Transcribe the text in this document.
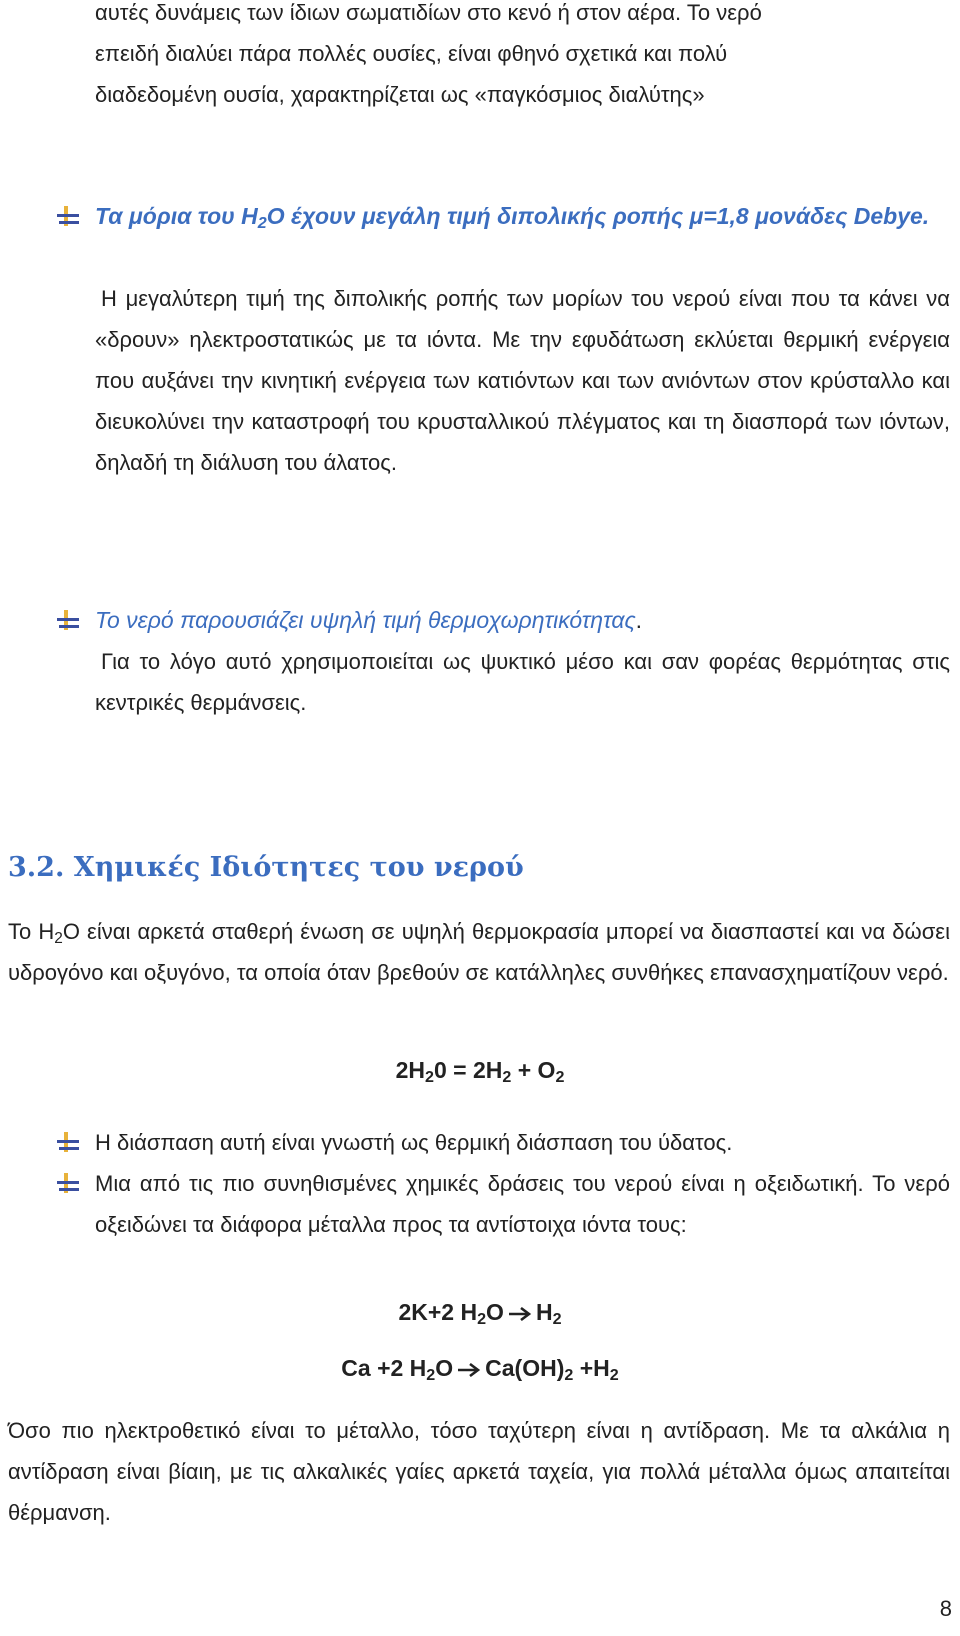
αυτές δυνάμεις των ίδιων σωματιδίων στο κενό ή στον αέρα. Το νερό

επειδή διαλύει πάρα πολλές ουσίες, είναι φθηνό σχετικά και πολύ

διαδεδομένη ουσία, χαρακτηρίζεται ως «παγκόσμιος διαλύτης»

Τα μόρια του $H_2O$ έχουν μεγάλη τιμή διπολικής ροπής μ=1,8 μονάδες Debye.

Η μεγαλύτερη τιμή της διπολικής ροπής των μορίων του νερού είναι που τα κάνει να «δρουν» ηλεκτροστατικώς με τα ιόντα. Με την εφυδάτωση εκλύεται θερμική ενέργεια που αυξάνει την κινητική ενέργεια των κατιόντων και των ανιόντων στον κρύσταλλο και διευκολύνει την καταστροφή του κρυσταλλικού πλέγματος και τη διασπορά των ιόντων, δηλαδή τη διάλυση του άλατος.

Το νερό παρουσιάζει υψηλή τιμή θερμοχωρητικότητας.

Για το λόγο αυτό χρησιμοποιείται ως ψυκτικό μέσο και σαν φορέας θερμότητας στις κεντρικές θερμάνσεις.

3.2. Χημικές Ιδιότητες του νερού

Το $H_2O$ είναι αρκετά σταθερή ένωση σε υψηλή θερμοκρασία μπορεί να διασπαστεί και να δώσει υδρογόνο και οξυγόνο, τα οποία όταν βρεθούν σε κατάλληλες συνθήκες επανασχηματίζουν νερό.

$2H_20 = 2H_2 + O_2$

Η διάσπαση αυτή είναι γνωστή ως θερμική διάσπαση του ύδατος.

Μια από τις πιο συνηθισμένες χημικές δράσεις του νερού είναι η οξειδωτική. Το νερό οξειδώνει τα διάφορα μέταλλα προς τα αντίστοιχα ιόντα τους:

2K+2 $H_2O$ $H_2$

Ca +2 $H_2O$ $Ca(OH)_2 +H_2$

Όσο πιο ηλεκτροθετικό είναι το μέταλλο, τόσο ταχύτερη είναι η αντίδραση. Με τα αλκάλια η αντίδραση είναι βίαιη, με τις αλκαλικές γαίες αρκετά ταχεία, για πολλά μέταλλα όμως απαιτείται θέρμανση.

8
